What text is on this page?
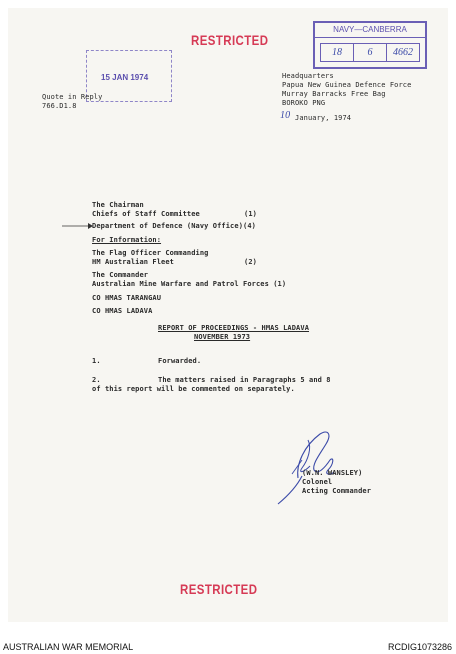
RESTRICTED
NAVY—CANBERRA
18	6	4662
15 JAN 1974
Quote in Reply
766.D1.8
Headquarters
Papua New Guinea Defence Force
Murray Barracks Free Bag
BOROKO PNG
10 January, 1974
The Chairman
Chiefs of Staff Committee	(1)
Department of Defence (Navy Office)(4)
For Information:
The Flag Officer Commanding
HM Australian Fleet	(2)
The Commander
Australian Mine Warfare and Patrol Forces (1)
CO HMAS TARANGAU
CO HMAS LADAVA
REPORT OF PROCEEDINGS - HMAS LADAVA
NOVEMBER 1973
1.	Forwarded.
2.	The matters raised in Paragraphs 5 and 8
of this report will be commented on separately.
(W.N. WANSLEY)
Colonel
Acting Commander
RESTRICTED
AUSTRALIAN WAR MEMORIAL	RCDIG1073286
